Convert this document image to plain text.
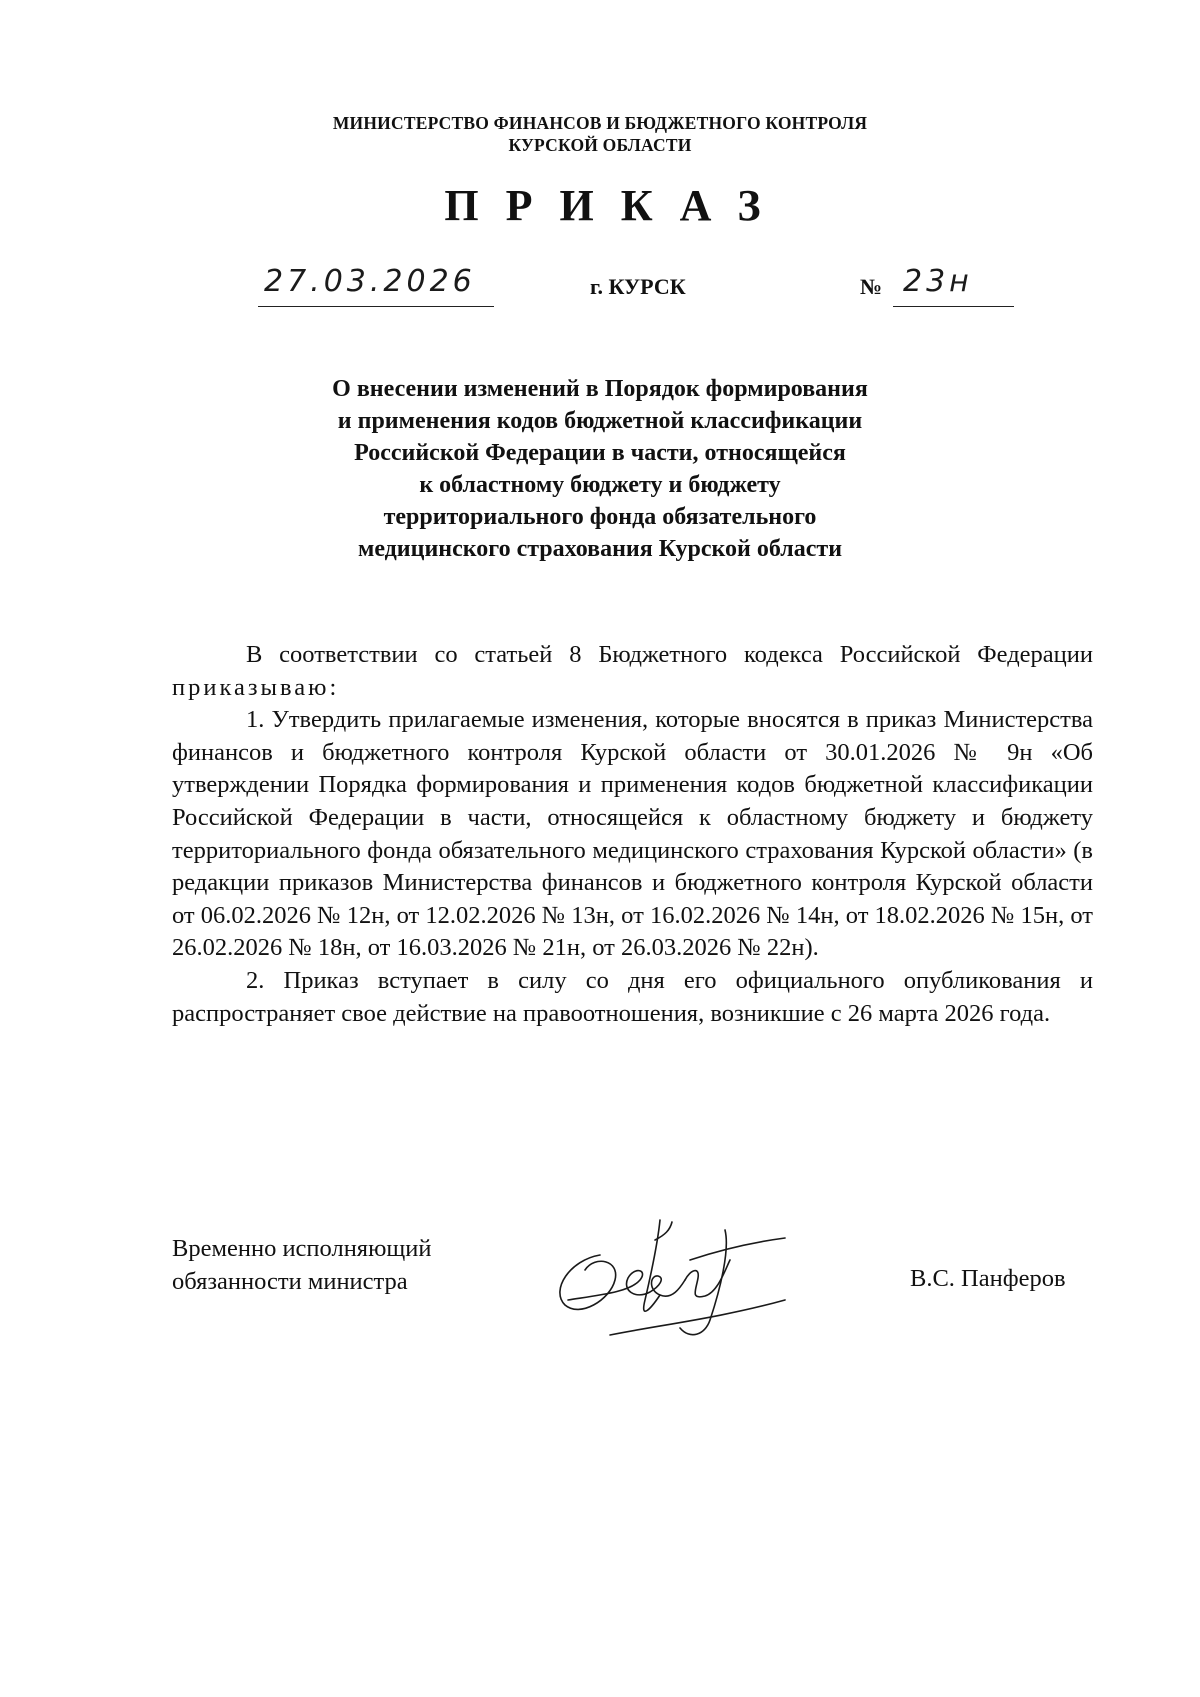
МИНИСТЕРСТВО ФИНАНСОВ И БЮДЖЕТНОГО КОНТРОЛЯ
КУРСКОЙ ОБЛАСТИ
ПРИКАЗ
27.03.2026	г. КУРСК	№ 23н
О внесении изменений в Порядок формирования
и применения кодов бюджетной классификации
Российской Федерации в части, относящейся
к областному бюджету и бюджету
территориального фонда обязательного
медицинского страхования Курской области

В соответствии со статьей 8 Бюджетного кодекса Российской Федерации приказываю:

1. Утвердить прилагаемые изменения, которые вносятся в приказ Министерства финансов и бюджетного контроля Курской области от 30.01.2026 № 9н «Об утверждении Порядка формирования и применения кодов бюджетной классификации Российской Федерации в части, относящейся к областному бюджету и бюджету территориального фонда обязательного медицинского страхования Курской области» (в редакции приказов Министерства финансов и бюджетного контроля Курской области от 06.02.2026 № 12н, от 12.02.2026 № 13н, от 16.02.2026 № 14н, от 18.02.2026 № 15н, от 26.02.2026 № 18н, от 16.03.2026 № 21н, от 26.03.2026 № 22н).

2. Приказ вступает в силу со дня его официального опубликования и распространяет свое действие на правоотношения, возникшие с 26 марта 2026 года.

Временно исполняющий
обязанности министра	В.С. Панферов
